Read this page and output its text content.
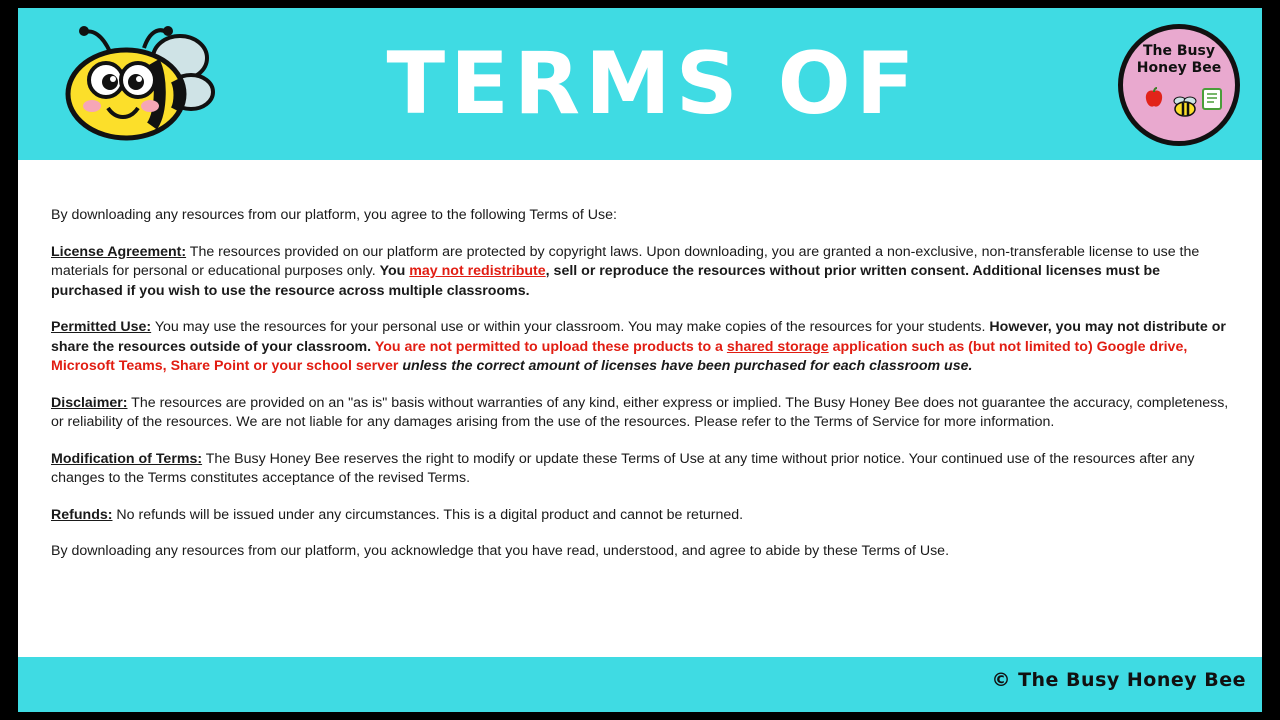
TERMS OF USE
The Busy
Honey Bee
By downloading any resources from our platform, you agree to the following Terms of Use:
License Agreement: The resources provided on our platform are protected by copyright laws. Upon downloading, you are granted a non-exclusive, non-transferable license to use the materials for personal or educational purposes only. You may not redistribute, sell or reproduce the resources without prior written consent. Additional licenses must be purchased if you wish to use the resource across multiple classrooms.
Permitted Use: You may use the resources for your personal use or within your classroom. You may make copies of the resources for your students. However, you may not distribute or share the resources outside of your classroom. You are not permitted to upload these products to a shared storage application such as (but not limited to) Google drive, Microsoft Teams, Share Point or your school server unless the correct amount of licenses have been purchased for each classroom use.
Disclaimer: The resources are provided on an "as is" basis without warranties of any kind, either express or implied. The Busy Honey Bee does not guarantee the accuracy, completeness, or reliability of the resources. We are not liable for any damages arising from the use of the resources. Please refer to the Terms of Service for more information.
Modification of Terms: The Busy Honey Bee reserves the right to modify or update these Terms of Use at any time without prior notice. Your continued use of the resources after any changes to the Terms constitutes acceptance of the revised Terms.
Refunds: No refunds will be issued under any circumstances. This is a digital product and cannot be returned.
By downloading any resources from our platform, you acknowledge that you have read, understood, and agree to abide by these Terms of Use.
© The Busy Honey Bee
